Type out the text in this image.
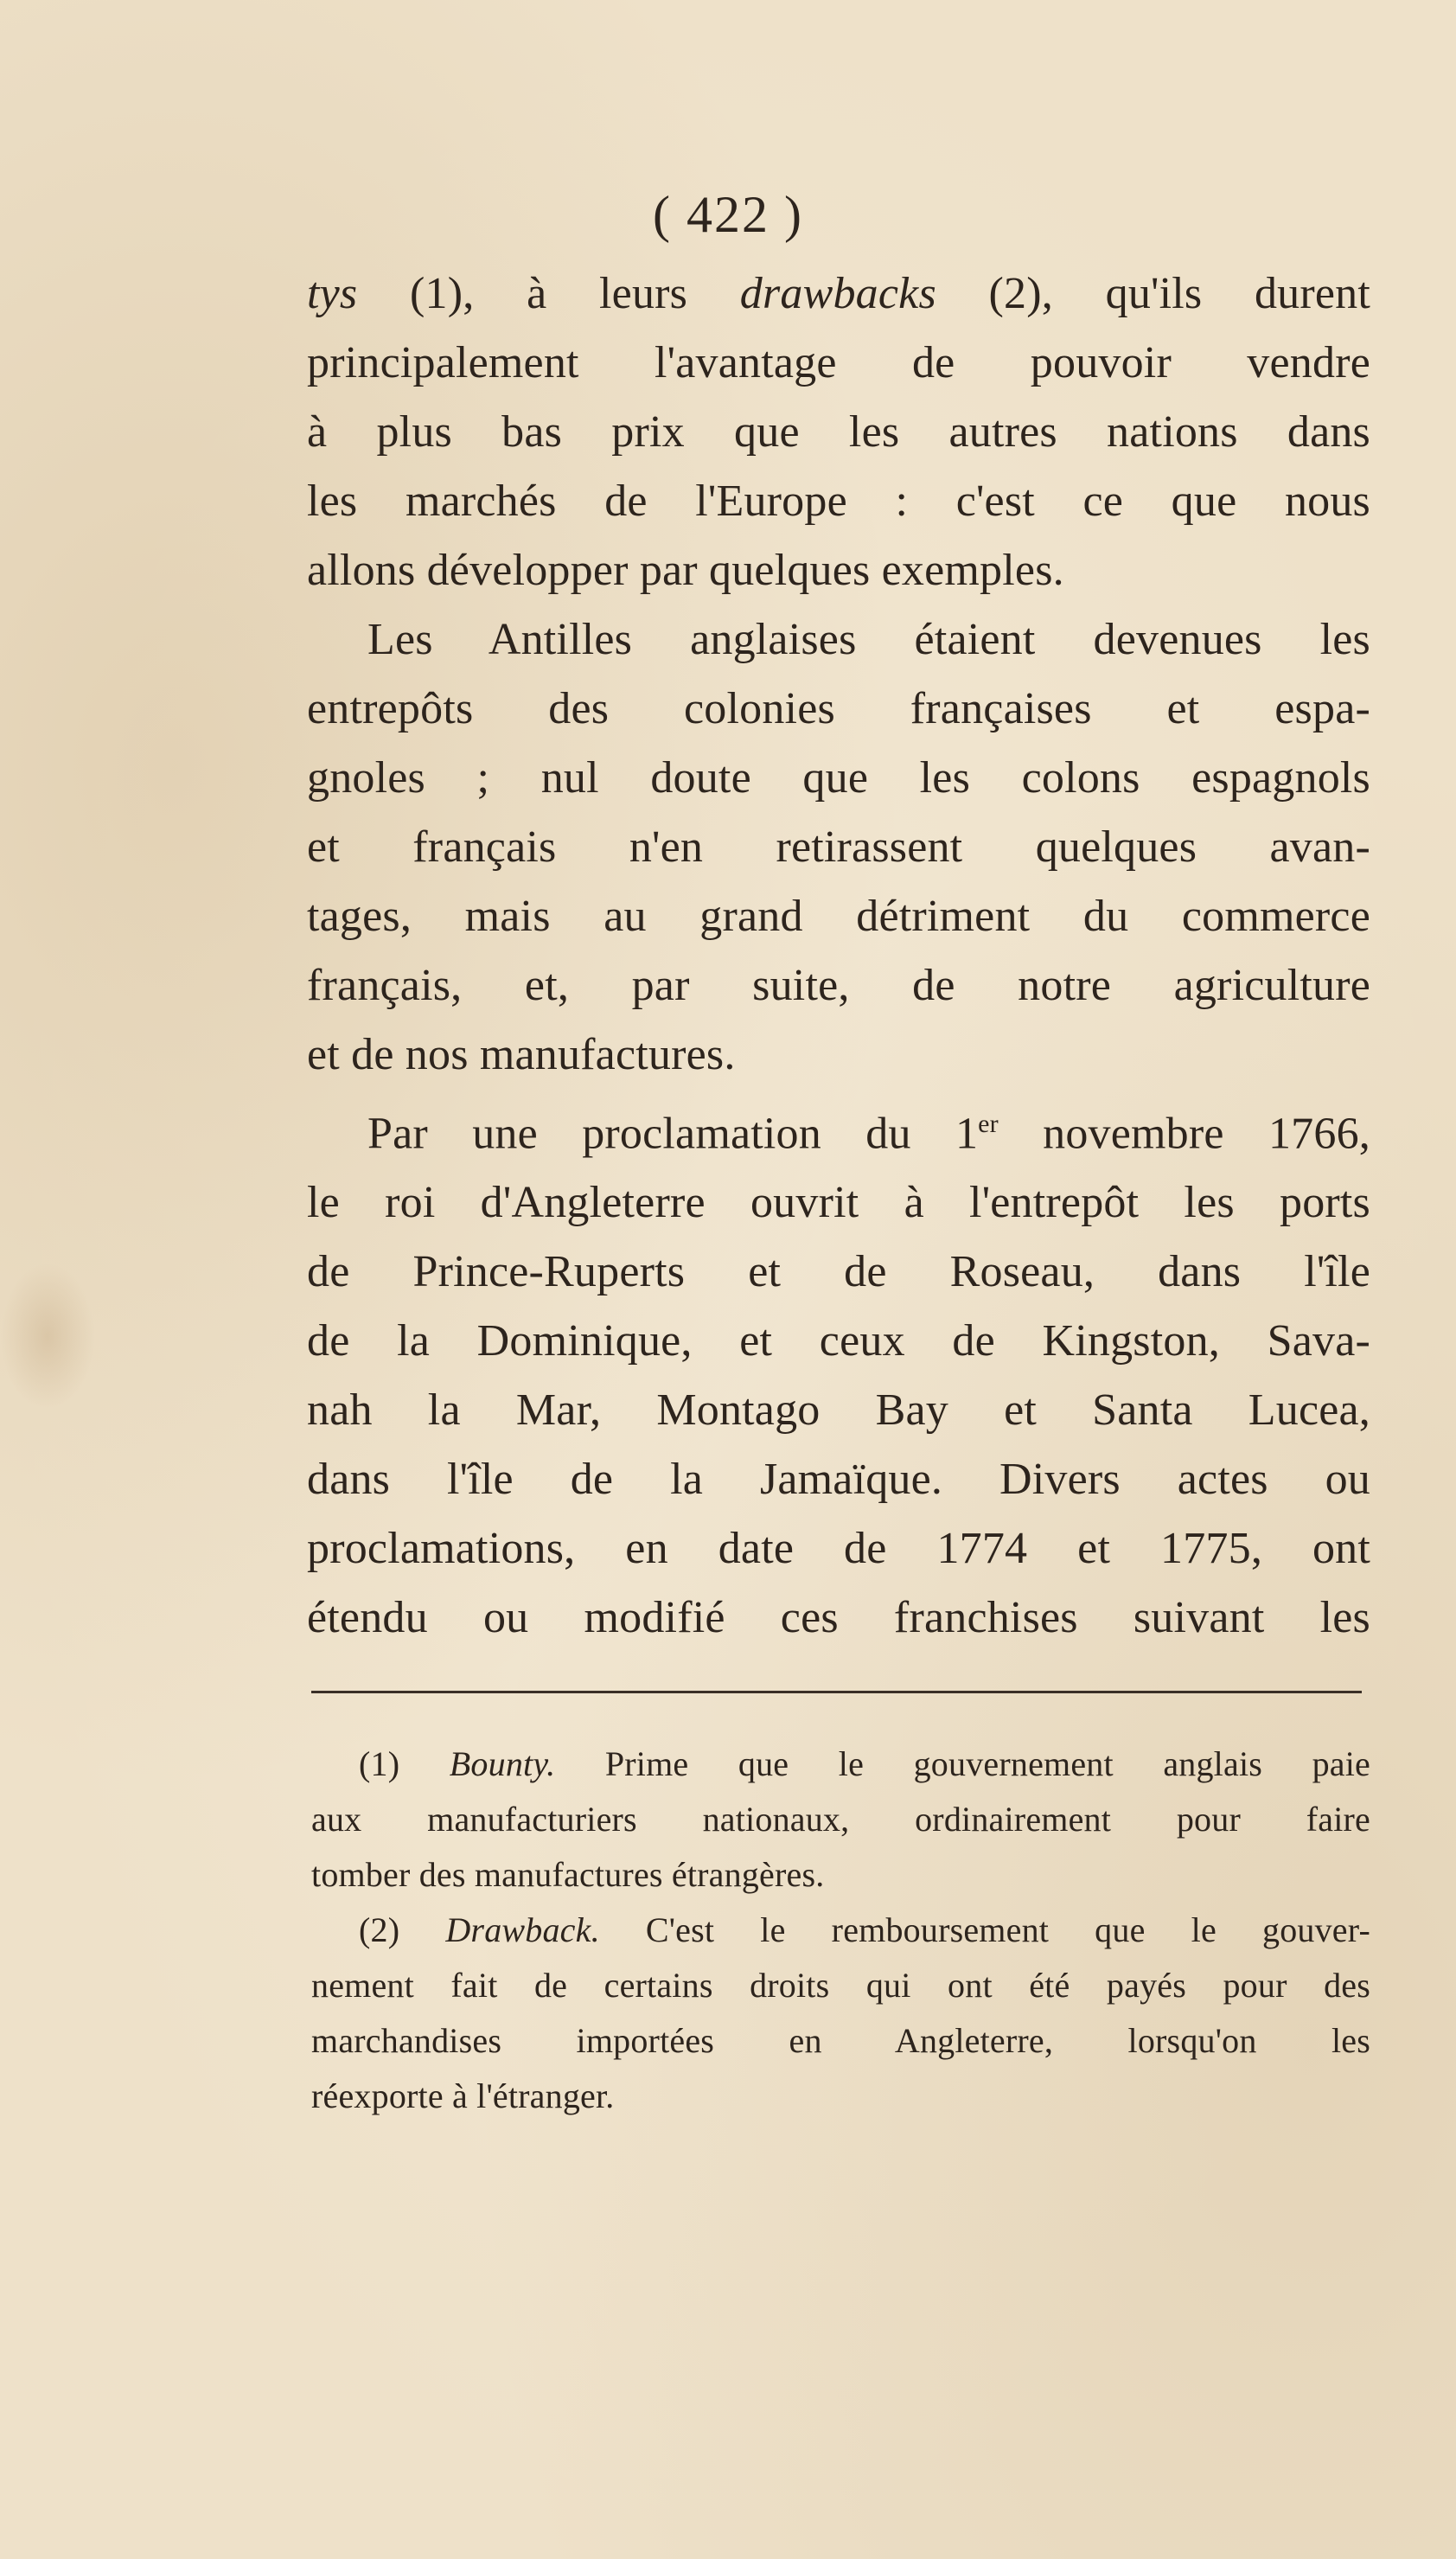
( 422 )
tys (1), à leurs drawbacks (2), qu'ils durent
principalement l'avantage de pouvoir vendre
à plus bas prix que les autres nations dans
les marchés de l'Europe : c'est ce que nous
allons développer par quelques exemples.
Les Antilles anglaises étaient devenues les
entrepôts des colonies françaises et espa-
gnoles ; nul doute que les colons espagnols
et français n'en retirassent quelques avan-
tages, mais au grand détriment du commerce
français, et, par suite, de notre agriculture
et de nos manufactures.
Par une proclamation du 1er novembre 1766,
le roi d'Angleterre ouvrit à l'entrepôt les ports
de Prince-Ruperts et de Roseau, dans l'île
de la Dominique, et ceux de Kingston, Sava-
nah la Mar, Montago Bay et Santa Lucea,
dans l'île de la Jamaïque. Divers actes ou
proclamations, en date de 1774 et 1775, ont
étendu ou modifié ces franchises suivant les
(1) Bounty. Prime que le gouvernement anglais paie
aux manufacturiers nationaux, ordinairement pour faire
tomber des manufactures étrangères.
(2) Drawback. C'est le remboursement que le gouver-
nement fait de certains droits qui ont été payés pour des
marchandises importées en Angleterre, lorsqu'on les
réexporte à l'étranger.
